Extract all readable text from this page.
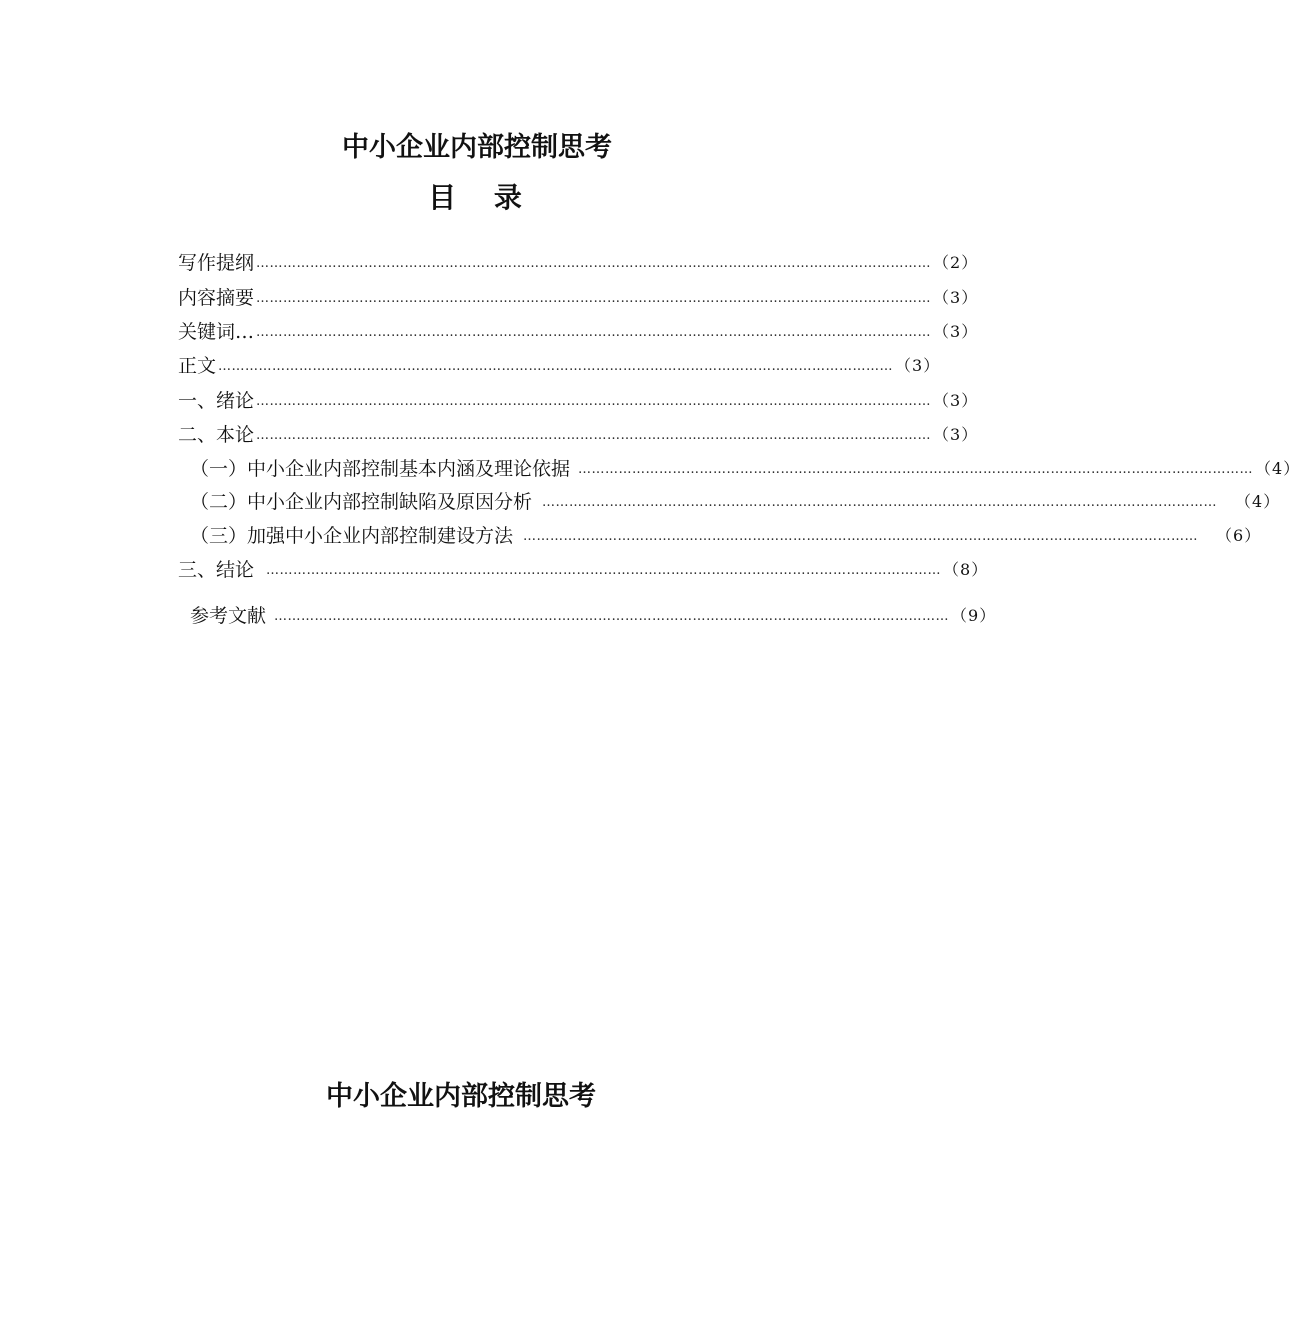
中小企业内部控制思考
目　 录
写作提纲 …………………………………………………………………………………………………………………………………… （2）
内容摘要 …………………………………………………………………………………………………………………………………… （3）
关键词… …………………………………………………………………………………………………………………………………… （3）
正文 …………………………………………………………………………………………………………………………………… （3）
一、绪论 …………………………………………………………………………………………………………………………………… （3）
二、本论 …………………………………………………………………………………………………………………………………… （3）
（一）中小企业内部控制基本内涵及理论依据 …………………………………………………………………………………………………………………………………… （4）
（二）中小企业内部控制缺陷及原因分析 …………………………………………………………………………………………………………………………………… （4）
（三）加强中小企业内部控制建设方法 …………………………………………………………………………………………………………………………………… （6）
三、结论 …………………………………………………………………………………………………………………………………… （8）
参考文献 …………………………………………………………………………………………………………………………………… （9）
中小企业内部控制思考
